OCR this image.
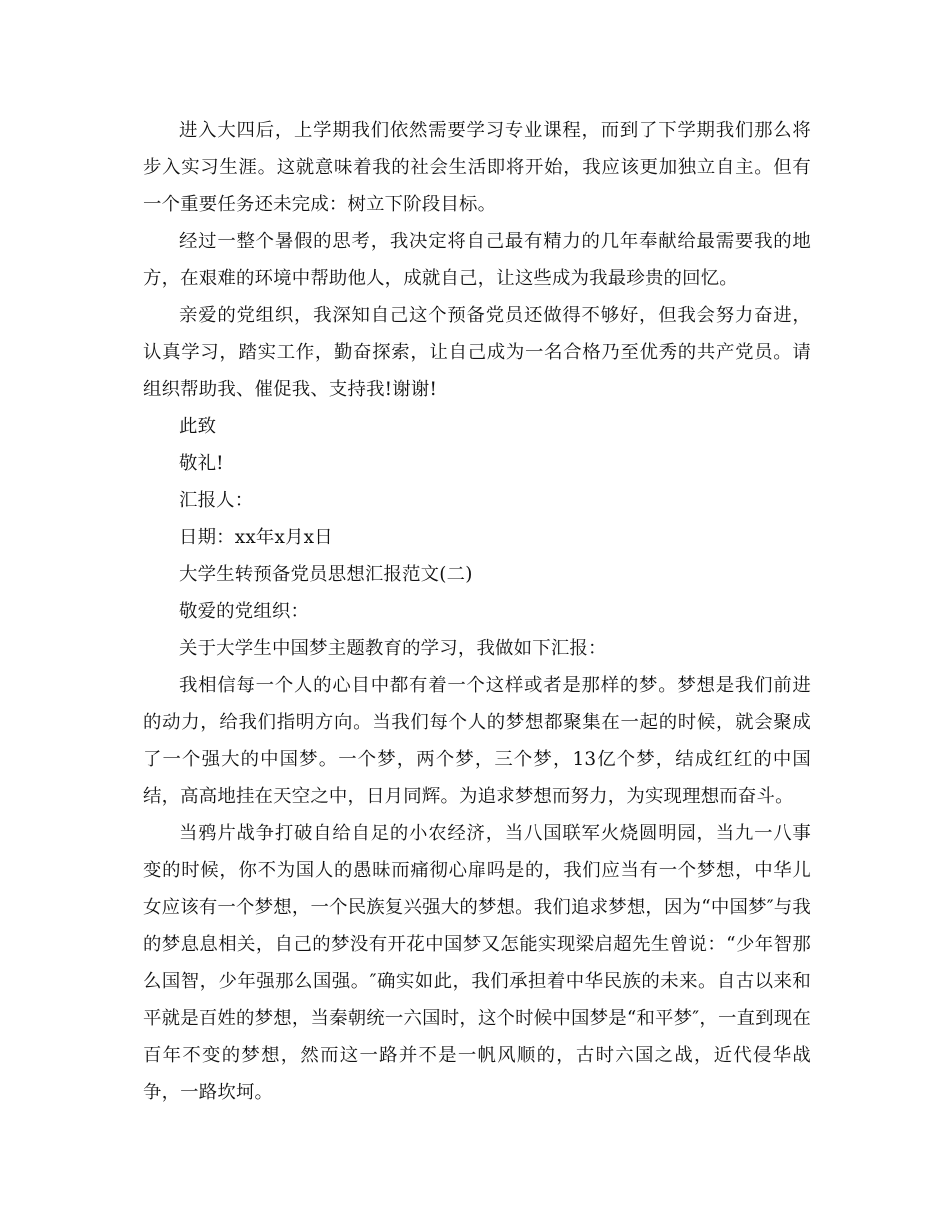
进入大四后，上学期我们依然需要学习专业课程，而到了下学期我们那么将步入实习生涯。这就意味着我的社会生活即将开始，我应该更加独立自主。但有一个重要任务还未完成：树立下阶段目标。

经过一整个暑假的思考，我决定将自己最有精力的几年奉献给最需要我的地方，在艰难的环境中帮助他人，成就自己，让这些成为我最珍贵的回忆。

亲爱的党组织，我深知自己这个预备党员还做得不够好，但我会努力奋进，认真学习，踏实工作，勤奋探索，让自己成为一名合格乃至优秀的共产党员。请组织帮助我、催促我、支持我!谢谢!

此致

敬礼!

汇报人：

日期：xx年x月x日

大学生转预备党员思想汇报范文(二)

敬爱的党组织：

关于大学生中国梦主题教育的学习，我做如下汇报：

我相信每一个人的心目中都有着一个这样或者是那样的梦。梦想是我们前进的动力，给我们指明方向。当我们每个人的梦想都聚集在一起的时候，就会聚成了一个强大的中国梦。一个梦，两个梦，三个梦，13亿个梦，结成红红的中国结，高高地挂在天空之中，日月同辉。为追求梦想而努力，为实现理想而奋斗。

当鸦片战争打破自给自足的小农经济，当八国联军火烧圆明园，当九一八事变的时候，你不为国人的愚昧而痛彻心扉吗是的，我们应当有一个梦想，中华儿女应该有一个梦想，一个民族复兴强大的梦想。我们追求梦想，因为“中国梦″与我的梦息息相关，自己的梦没有开花中国梦又怎能实现梁启超先生曾说：“少年智那么国智，少年强那么国强。″确实如此，我们承担着中华民族的未来。自古以来和平就是百姓的梦想，当秦朝统一六国时，这个时候中国梦是“和平梦″，一直到现在百年不变的梦想，然而这一路并不是一帆风顺的，古时六国之战，近代侵华战争，一路坎坷。
